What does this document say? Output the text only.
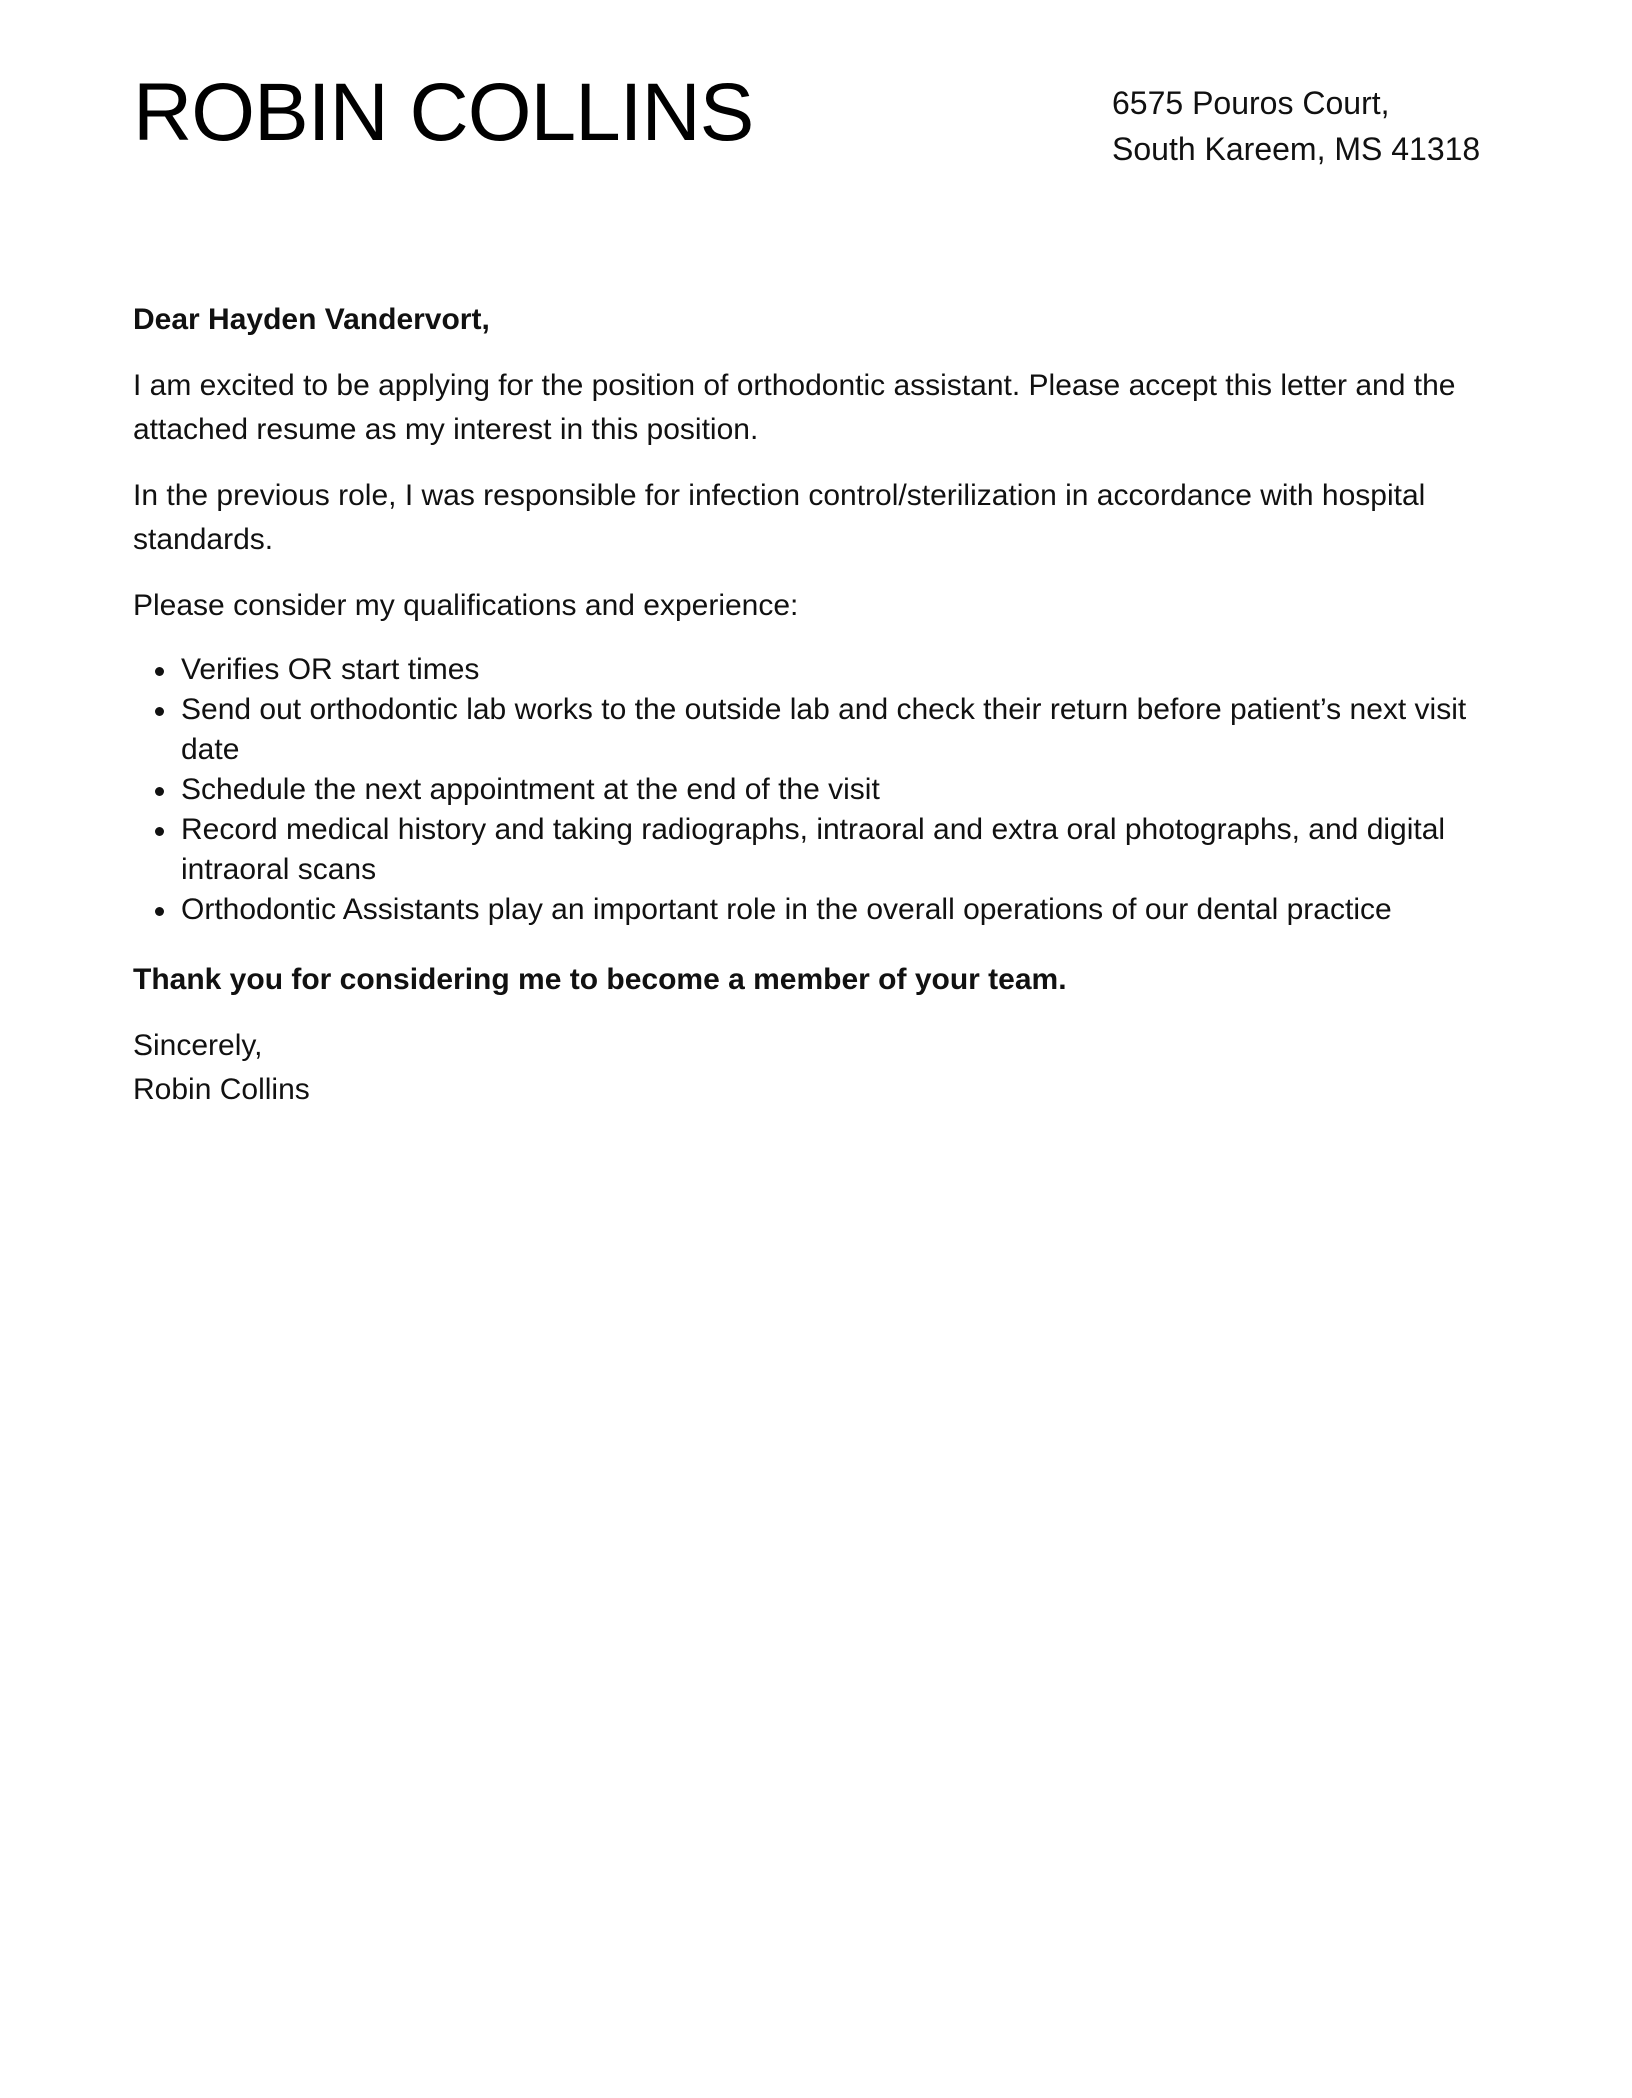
ROBIN COLLINS	6575 Pouros Court,
South Kareem, MS 41318

Dear Hayden Vandervort,

I am excited to be applying for the position of orthodontic assistant. Please accept this letter and the attached resume as my interest in this position.

In the previous role, I was responsible for infection control/sterilization in accordance with hospital standards.

Please consider my qualifications and experience:

Verifies OR start times
Send out orthodontic lab works to the outside lab and check their return before patient’s next visit date
Schedule the next appointment at the end of the visit
Record medical history and taking radiographs, intraoral and extra oral photographs, and digital intraoral scans
Orthodontic Assistants play an important role in the overall operations of our dental practice

Thank you for considering me to become a member of your team.

Sincerely,
Robin Collins
